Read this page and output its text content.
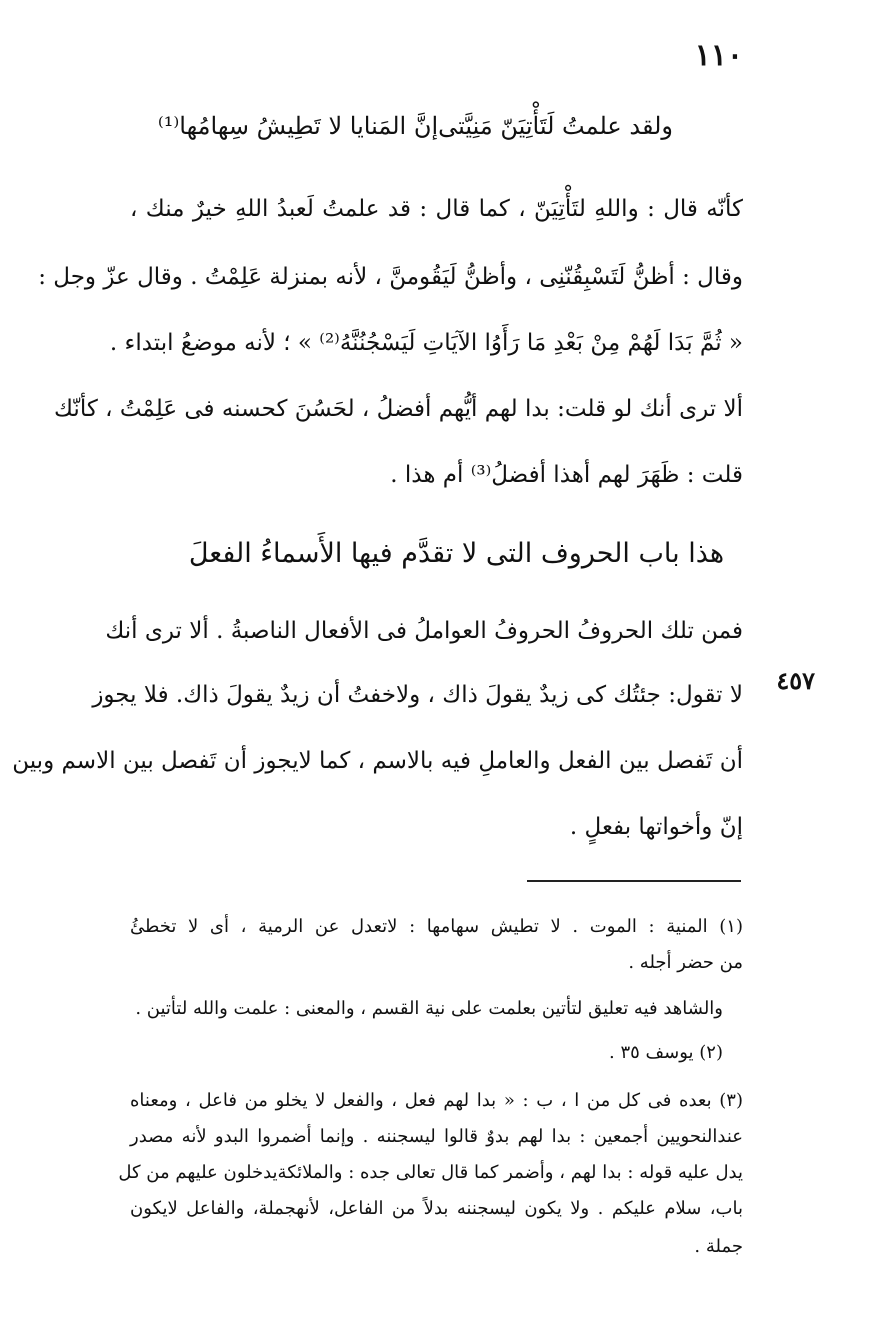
١١٠
ولقد علمتُ لَتَأْتِيَنّ مَنِيَّتى
إنَّ المَنايا لا تَطِيشُ سِهامُها⁽¹⁾
كأنّه قال : واللهِ لتَأْتِيَنّ ، كما قال : قد علمتُ لَعبدُ اللهِ خيرٌ منك ،
وقال : أظنُّ لَتَسْبِقُنّنِى ، وأظنُّ لَيَقُومنَّ ، لأنه بمنزلة عَلِمْتُ . وقال عزّ وجل :
« ثُمَّ بَدَا لَهُمْ مِنْ بَعْدِ مَا رَأَوُا الآيَاتِ لَيَسْجُنُنَّهُ⁽²⁾ » ؛ لأنه موضعُ ابتداء .
ألا ترى أنك لو قلت: بدا لهم أيُّهم أفضلُ ، لحَسُنَ كحسنه فى عَلِمْتُ ، كأنّك
قلت : ظَهَرَ لهم أهذا أفضلُ⁽³⁾ أم هذا .
هذا باب الحروف التى لا تقدَّم فيها الأَسماءُ الفعلَ
فمن تلك الحروفُ الحروفُ العواملُ فى الأفعال الناصبةُ . ألا ترى أنك
٤٥٧
لا تقول: جئتُك كى زيدٌ يقولَ ذاك ، ولاخفتُ أن زيدٌ يقولَ ذاك. فلا يجوز
أن تَفصل بين الفعل والعاملِ فيه بالاسم ، كما لايجوز أن تَفصل بين الاسم وبين
إنّ وأخواتها بفعلٍ .
(١) المنية : الموت . لا تطيش سهامها : لاتعدل عن الرمية ، أى لا تخطئُ
من حضر أجله .
والشاهد فيه تعليق لتأتين بعلمت على نية القسم ، والمعنى : علمت والله لتأتين .
(٢) يوسف ٣٥ .
(٣) بعده فى كل من ا ، ب : « بدا لهم فعل ، والفعل لا يخلو من فاعل ، ومعناه
عندالنحويين أجمعين : بدا لهم بدوٌ قالوا ليسجننه . وإنما أضمروا البدو لأنه مصدر
يدل عليه قوله : بدا لهم ، وأضمر كما قال تعالى جده : والملائكةيدخلون عليهم من كل
باب، سلام عليكم . ولا يكون ليسجننه بدلاً من الفاعل، لأنهجملة، والفاعل لايكون
جملة .
